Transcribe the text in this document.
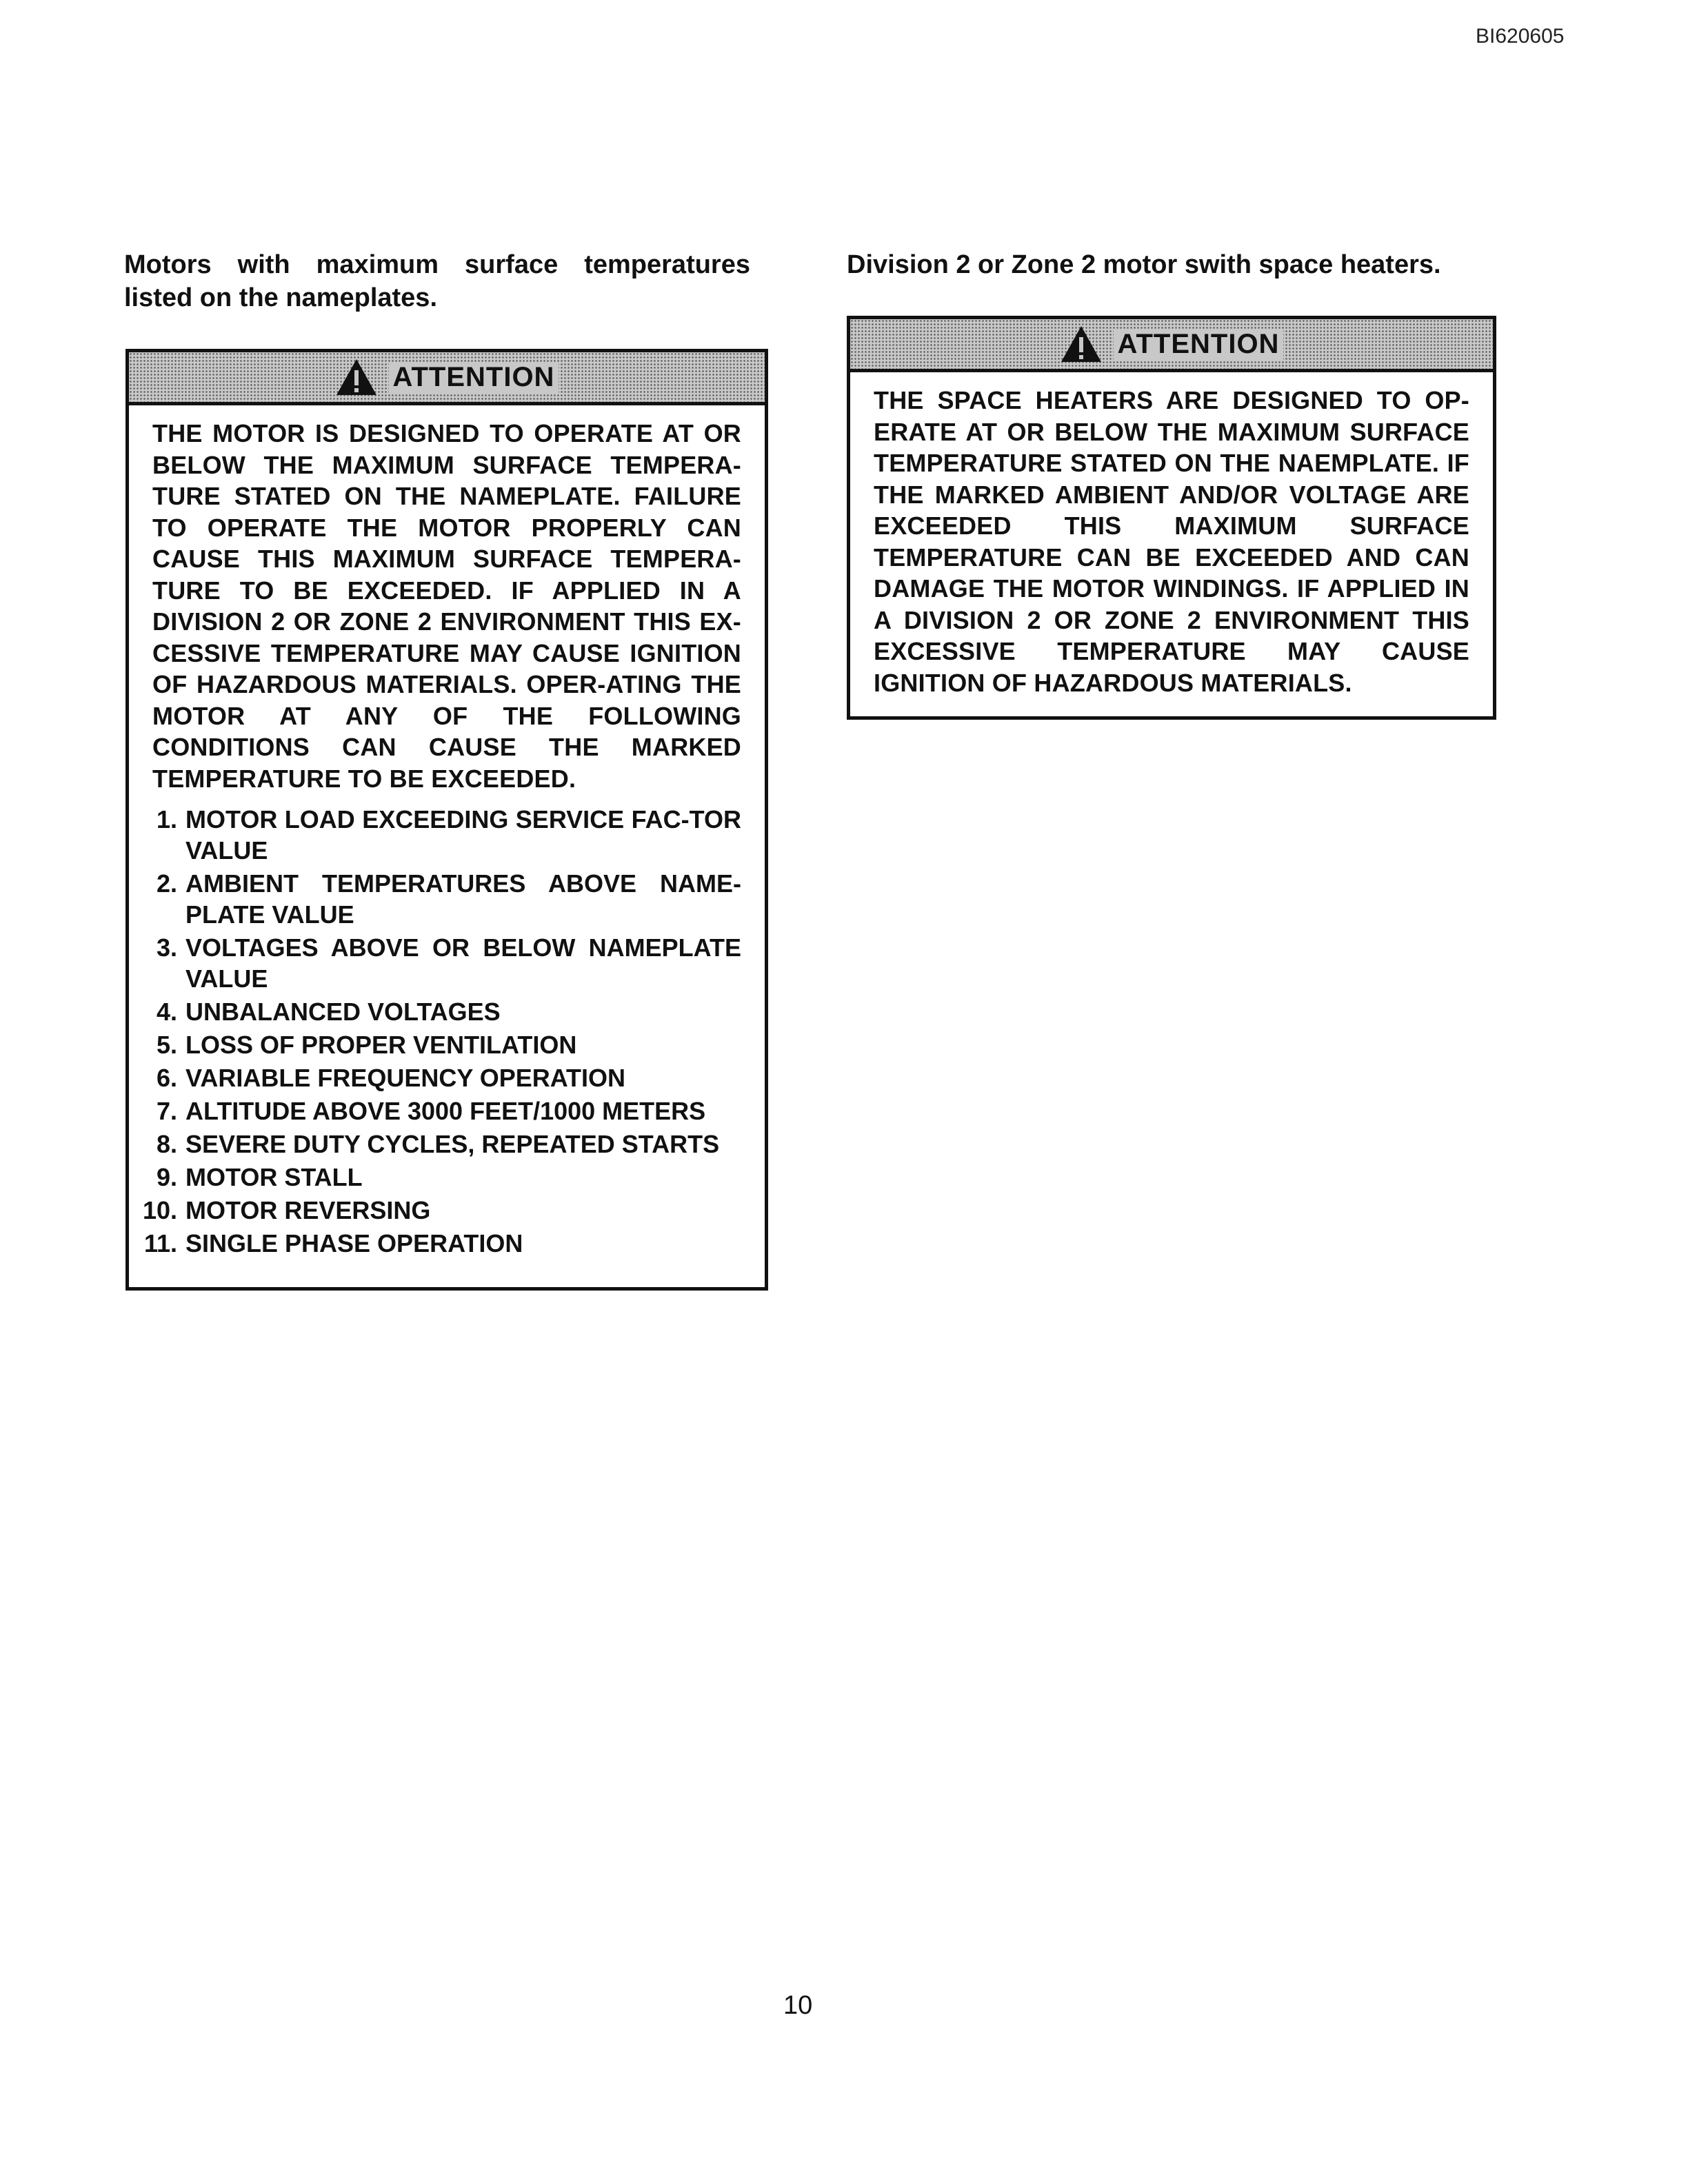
BI620605
Motors with maximum surface temperatures listed on the nameplates.
ATTENTION
THE MOTOR IS DESIGNED TO OPERATE AT OR BELOW THE MAXIMUM SURFACE TEMPERA-TURE STATED ON THE NAMEPLATE. FAILURE TO OPERATE THE MOTOR PROPERLY CAN CAUSE THIS MAXIMUM SURFACE TEMPERA-TURE TO BE EXCEEDED. IF APPLIED IN A DIVISION 2 OR ZONE 2 ENVIRONMENT THIS EX-CESSIVE TEMPERATURE MAY CAUSE IGNITION OF HAZARDOUS MATERIALS. OPER-ATING THE MOTOR AT ANY OF THE FOLLOWING CONDITIONS CAN CAUSE THE MARKED TEMPERATURE TO BE EXCEEDED.
1. MOTOR LOAD EXCEEDING SERVICE FAC-TOR VALUE
2. AMBIENT TEMPERATURES ABOVE NAME-PLATE VALUE
3. VOLTAGES ABOVE OR BELOW NAMEPLATE VALUE
4. UNBALANCED VOLTAGES
5. LOSS OF PROPER VENTILATION
6. VARIABLE FREQUENCY OPERATION
7. ALTITUDE ABOVE 3000 FEET/1000 METERS
8. SEVERE DUTY CYCLES, REPEATED STARTS
9. MOTOR STALL
10. MOTOR REVERSING
11. SINGLE PHASE OPERATION
Division 2 or Zone 2 motor swith space heaters.
ATTENTION
THE SPACE HEATERS ARE DESIGNED TO OP-ERATE AT OR BELOW THE MAXIMUM SURFACE TEMPERATURE STATED ON THE NAEMPLATE. IF THE MARKED AMBIENT AND/OR VOLTAGE ARE EXCEEDED THIS MAXIMUM SURFACE TEMPERATURE CAN BE EXCEEDED AND CAN DAMAGE THE MOTOR WINDINGS. IF APPLIED IN A DIVISION 2 OR ZONE 2 ENVIRONMENT THIS EXCESSIVE TEMPERATURE MAY CAUSE IGNITION OF HAZARDOUS MATERIALS.
10
